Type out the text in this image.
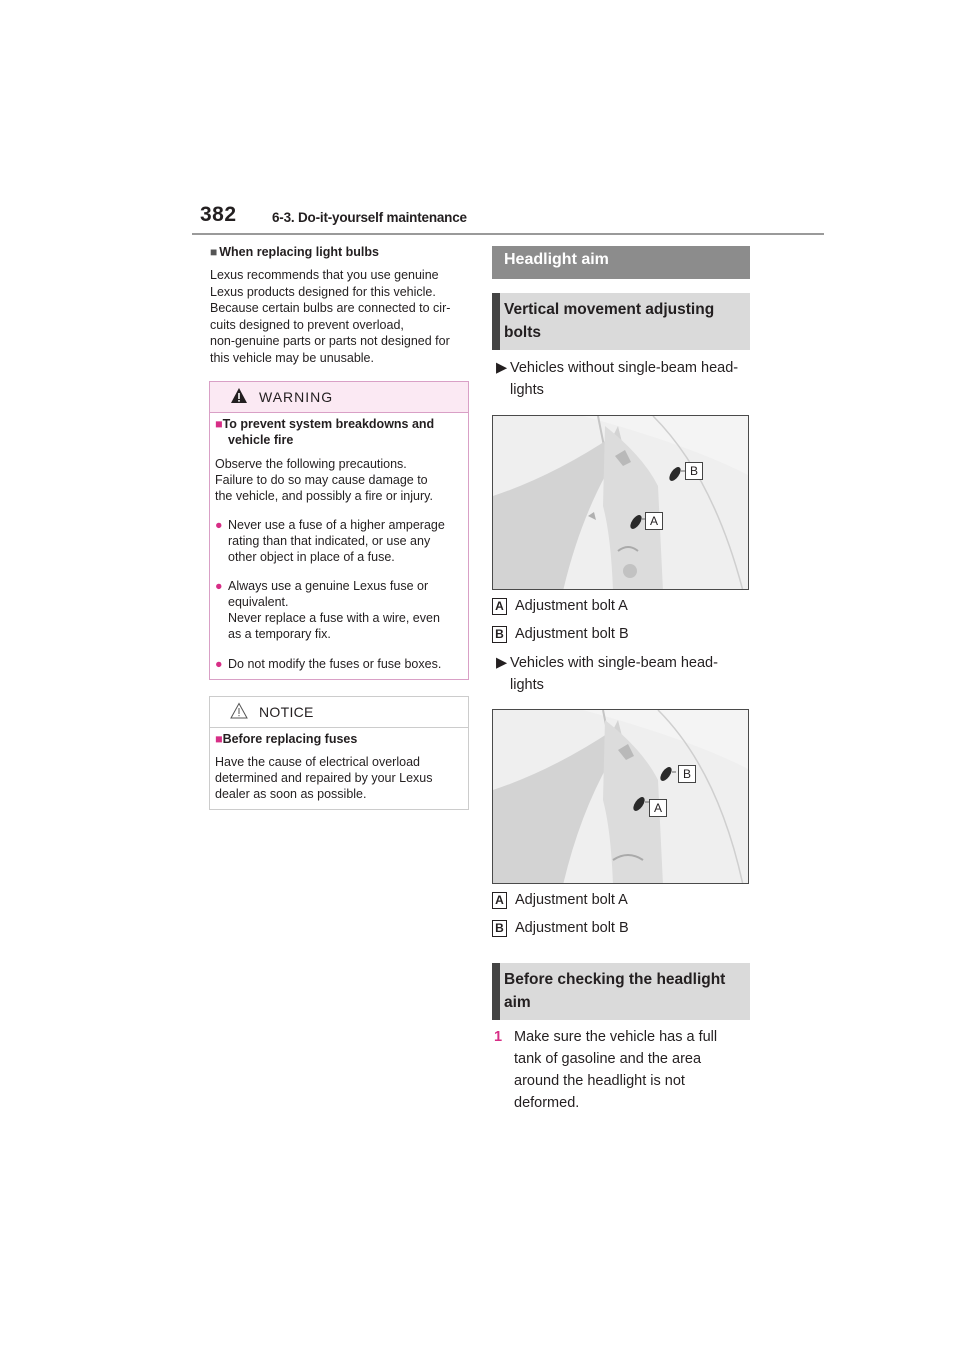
382	6-3. Do-it-yourself maintenance
■ When replacing light bulbs
Lexus recommends that you use genuine
Lexus products designed for this vehicle.
Because certain bulbs are connected to cir-
cuits designed to prevent overload,
non-genuine parts or parts not designed for
this vehicle may be unusable.
WARNING
■To prevent system breakdowns and
vehicle fire
Observe the following precautions.
Failure to do so may cause damage to
the vehicle, and possibly a fire or injury.
● Never use a fuse of a higher amperage
rating than that indicated, or use any
other object in place of a fuse.
● Always use a genuine Lexus fuse or
equivalent.
Never replace a fuse with a wire, even
as a temporary fix.
● Do not modify the fuses or fuse boxes.
NOTICE
■Before replacing fuses
Have the cause of electrical overload
determined and repaired by your Lexus
dealer as soon as possible.
Headlight aim
Vertical movement adjusting
bolts
▶ Vehicles without single-beam head-
lights
B
A
A Adjustment bolt A
B Adjustment bolt B
▶ Vehicles with single-beam head-
lights
B
A
A Adjustment bolt A
B Adjustment bolt B
Before checking the headlight
aim
1 Make sure the vehicle has a full
tank of gasoline and the area
around the headlight is not
deformed.
